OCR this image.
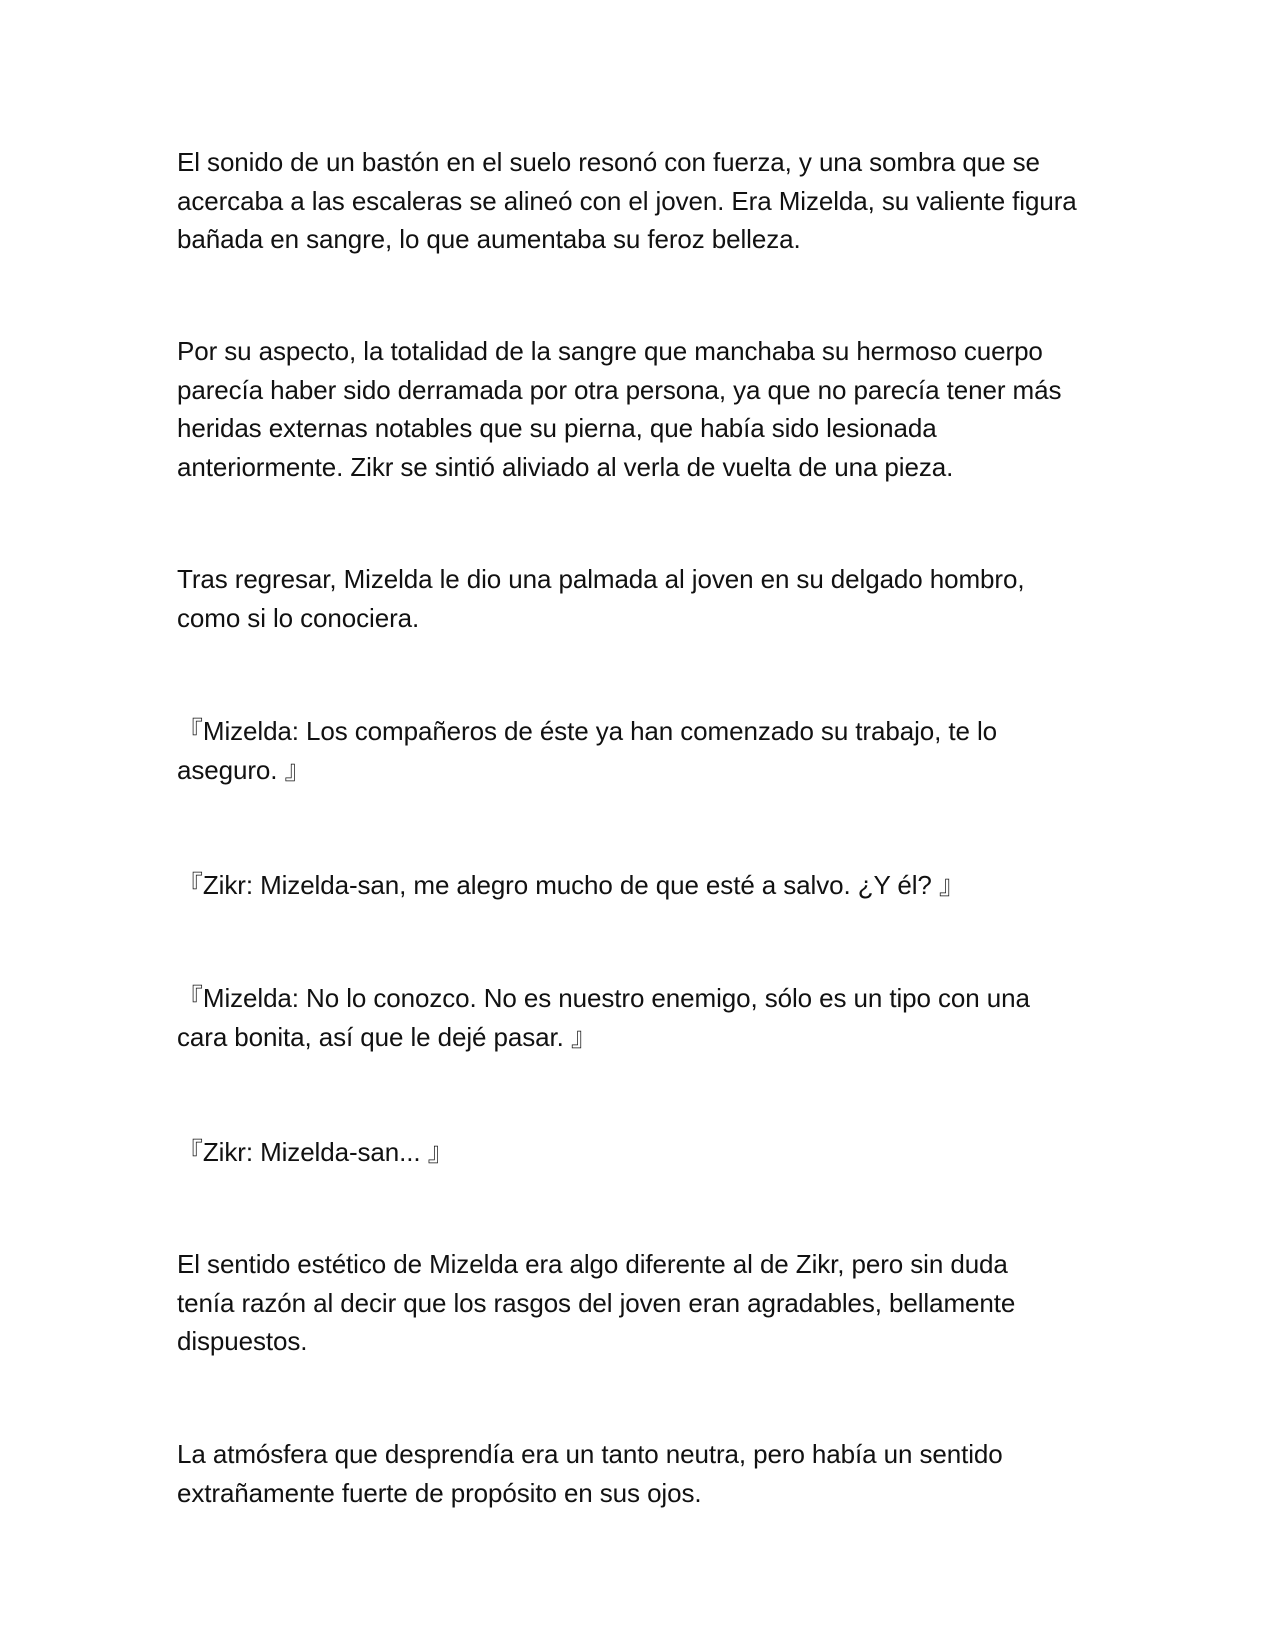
El sonido de un bastón en el suelo resonó con fuerza, y una sombra que se
acercaba a las escaleras se alineó con el joven. Era Mizelda, su valiente figura
bañada en sangre, lo que aumentaba su feroz belleza.

Por su aspecto, la totalidad de la sangre que manchaba su hermoso cuerpo
parecía haber sido derramada por otra persona, ya que no parecía tener más
heridas externas notables que su pierna, que había sido lesionada
anteriormente. Zikr se sintió aliviado al verla de vuelta de una pieza.

Tras regresar, Mizelda le dio una palmada al joven en su delgado hombro,
como si lo conociera.

『Mizelda: Los compañeros de éste ya han comenzado su trabajo, te lo
aseguro. 』

『Zikr: Mizelda-san, me alegro mucho de que esté a salvo. ¿Y él? 』

『Mizelda: No lo conozco. No es nuestro enemigo, sólo es un tipo con una
cara bonita, así que le dejé pasar. 』

『Zikr: Mizelda-san... 』

El sentido estético de Mizelda era algo diferente al de Zikr, pero sin duda
tenía razón al decir que los rasgos del joven eran agradables, bellamente
dispuestos.

La atmósfera que desprendía era un tanto neutra, pero había un sentido
extrañamente fuerte de propósito en sus ojos.
